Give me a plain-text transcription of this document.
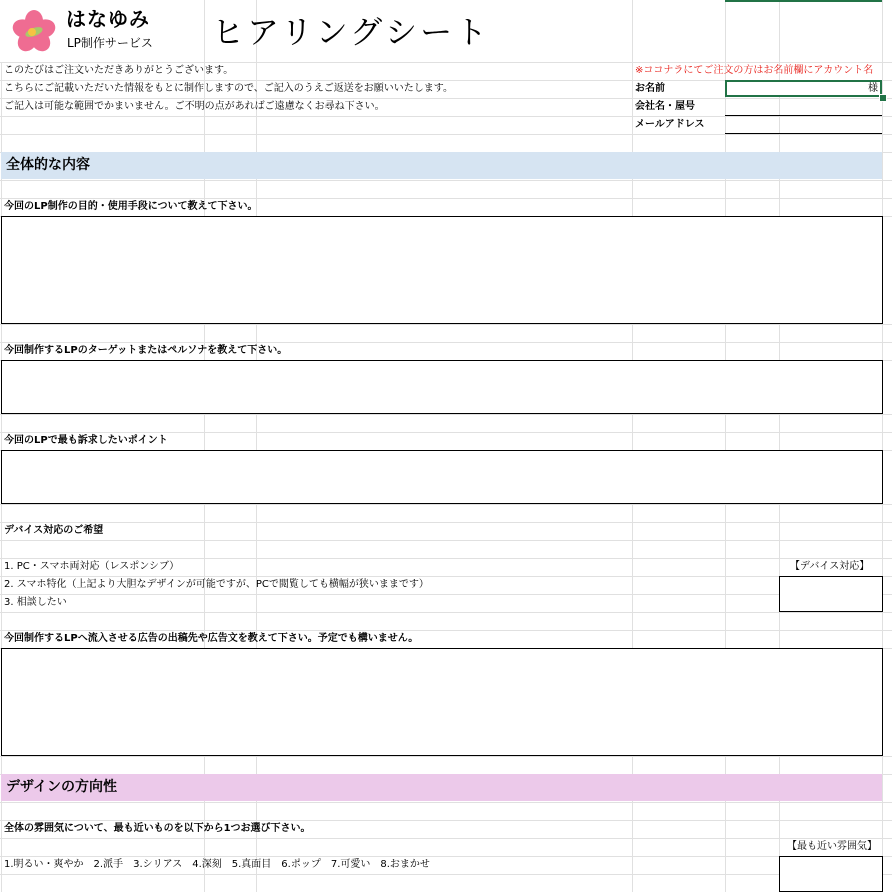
はなゆみ
LP制作サービス ヒアリングシート
このたびはご注文いただきありがとうございます。
こちらにご記載いただいた情報をもとに制作しますので、ご記入のうえご返送をお願いいたします。
ご記入は可能な範囲でかまいません。ご不明の点があればご遠慮なくお尋ね下さい。
※ココナラにてご注文の方はお名前欄にアカウント名
お名前
会社名・屋号
メールアドレス
様
全体的な内容
今回のLP制作の目的・使用手段について教えて下さい。
今回制作するLPのターゲットまたはペルソナを教えて下さい。
今回のLPで最も訴求したいポイント
デバイス対応のご希望
1. PC・スマホ両対応（レスポンシブ）
2. スマホ特化（上記より大胆なデザインが可能ですが、PCで閲覧しても横幅が狭いままです）
3. 相談したい
【デバイス対応】
今回制作するLPへ流入させる広告の出稿先や広告文を教えて下さい。予定でも構いません。
デザインの方向性
全体の雰囲気について、最も近いものを以下から1つお選び下さい。
【最も近い雰囲気】
1.明るい・爽やか　2.派手　3.シリアス　4.深刻　5.真面目　6.ポップ　7.可愛い　8.おまかせ
